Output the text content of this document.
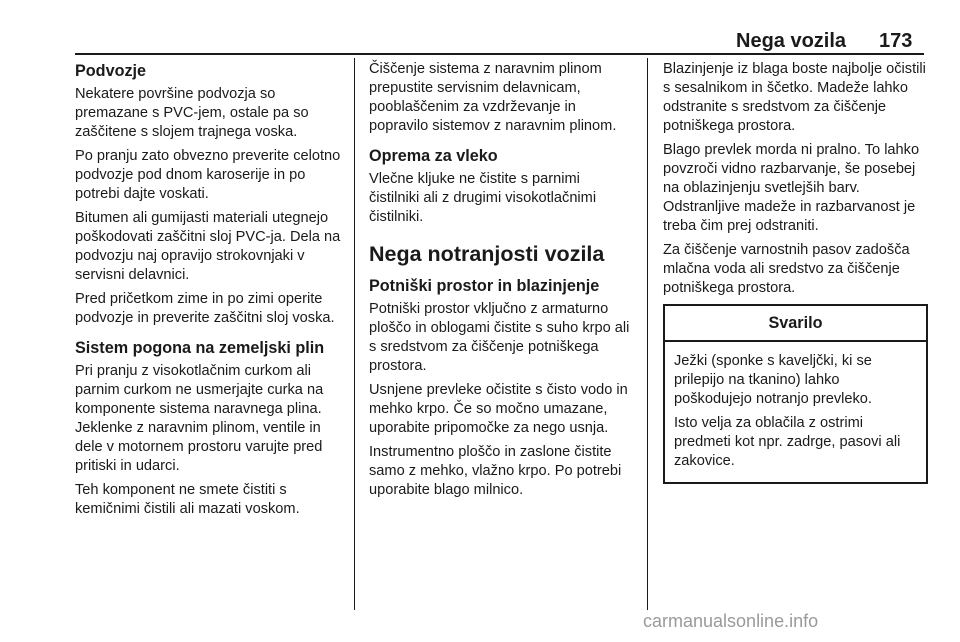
Nega vozila 173
Podvozje

Nekatere površine podvozja so premazane s PVC-jem, ostale pa so zaščitene s slojem trajnega voska.

Po pranju zato obvezno preverite celotno podvozje pod dnom karoserije in po potrebi dajte voskati.

Bitumen ali gumijasti materiali utegnejo poškodovati zaščitni sloj PVC-ja. Dela na podvozju naj opravijo strokovnjaki v servisni delavnici.

Pred pričetkom zime in po zimi operite podvozje in preverite zaščitni sloj voska.

Sistem pogona na zemeljski plin

Pri pranju z visokotlačnim curkom ali parnim curkom ne usmerjajte curka na komponente sistema naravnega plina. Jeklenke z naravnim plinom, ventile in dele v motornem prostoru varujte pred pritiski in udarci.

Teh komponent ne smete čistiti s kemičnimi čistili ali mazati voskom.

Čiščenje sistema z naravnim plinom prepustite servisnim delavnicam, pooblaščenim za vzdrževanje in popravilo sistemov z naravnim plinom.

Oprema za vleko

Vlečne kljuke ne čistite s parnimi čistilniki ali z drugimi visokotlačnimi čistilniki.

Nega notranjosti vozila
Potniški prostor in blazinjenje

Potniški prostor vključno z armaturno ploščo in oblogami čistite s suho krpo ali s sredstvom za čiščenje potniškega prostora.

Usnjene prevleke očistite s čisto vodo in mehko krpo. Če so močno umazane, uporabite pripomočke za nego usnja.

Instrumentno ploščo in zaslone čistite samo z mehko, vlažno krpo. Po potrebi uporabite blago milnico.

Blazinjenje iz blaga boste najbolje očistili s sesalnikom in ščetko. Madeže lahko odstranite s sredstvom za čiščenje potniškega prostora.

Blago prevlek morda ni pralno. To lahko povzroči vidno razbarvanje, še posebej na oblazinjenju svetlejših barv. Odstranljive madeže in razbarvanost je treba čim prej odstraniti.

Za čiščenje varnostnih pasov zadošča mlačna voda ali sredstvo za čiščenje potniškega prostora.

Svarilo

Ježki (sponke s kaveljčki, ki se prilepijo na tkanino) lahko poškodujejo notranjo prevleko.

Isto velja za oblačila z ostrimi predmeti kot npr. zadrge, pasovi ali zakovice.

carmanualsonline.info
